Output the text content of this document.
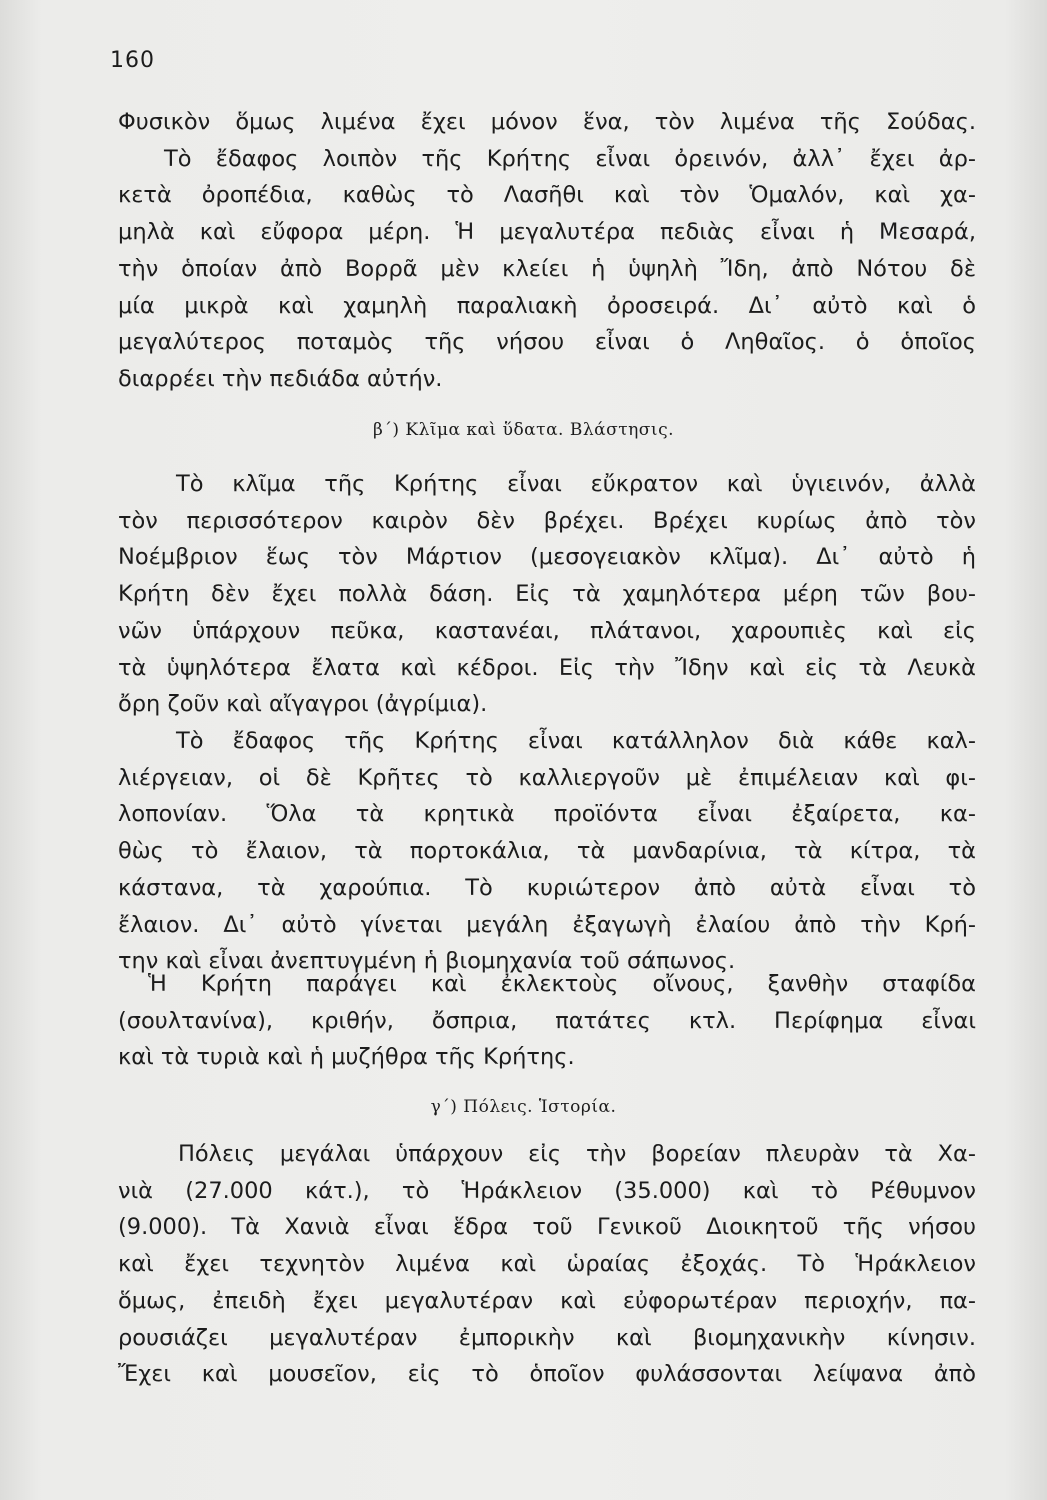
160
Φυσικὸν ὅμως λιμένα ἔχει μόνον ἕνα, τὸν λιμένα τῆς Σούδας.
Τὸ ἔδαφος λοιπὸν τῆς Κρήτης εἶναι ὀρεινόν, ἀλλ᾽ ἔχει ἀρ-
κετὰ ὀροπέδια, καθὼς τὸ Λασῆθι καὶ τὸν Ὁμαλόν, καὶ χα-
μηλὰ καὶ εὔφορα μέρη. Ἡ μεγαλυτέρα πεδιὰς εἶναι ἡ Μεσαρά,
τὴν ὁποίαν ἀπὸ Βορρᾶ μὲν κλείει ἡ ὑψηλὴ Ἴδη, ἀπὸ Νότου δὲ
μία μικρὰ καὶ χαμηλὴ παραλιακὴ ὀροσειρά. Δι᾽ αὐτὸ καὶ ὁ
μεγαλύτερος ποταμὸς τῆς νήσου εἶναι ὁ Ληθαῖος. ὁ ὁποῖος
διαρρέει τὴν πεδιάδα αὐτήν.
β΄) Κλῖμα καὶ ὕδατα. Βλάστησις.
Τὸ κλῖμα τῆς Κρήτης εἶναι εὔκρατον καὶ ὑγιεινόν, ἀλλὰ
τὸν περισσότερον καιρὸν δὲν βρέχει. Βρέχει κυρίως ἀπὸ τὸν
Νοέμβριον ἕως τὸν Μάρτιον (μεσογειακὸν κλῖμα). Δι᾽ αὐτὸ ἡ
Κρήτη δὲν ἔχει πολλὰ δάση. Εἰς τὰ χαμηλότερα μέρη τῶν βου-
νῶν ὑπάρχουν πεῦκα, καστανέαι, πλάτανοι, χαρουπιὲς καὶ εἰς
τὰ ὑψηλότερα ἔλατα καὶ κέδροι. Εἰς τὴν Ἴδην καὶ εἰς τὰ Λευκὰ
ὄρη ζοῦν καὶ αἴγαγροι (ἀγρίμια).
Τὸ ἔδαφος τῆς Κρήτης εἶναι κατάλληλον διὰ κάθε καλ-
λιέργειαν, οἱ δὲ Κρῆτες τὸ καλλιεργοῦν μὲ ἐπιμέλειαν καὶ φι-
λοπονίαν. Ὅλα τὰ κρητικὰ προϊόντα εἶναι ἐξαίρετα, κα-
θὼς τὸ ἔλαιον, τὰ πορτοκάλια, τὰ μανδαρίνια, τὰ κίτρα, τὰ
κάστανα, τὰ χαρούπια. Τὸ κυριώτερον ἀπὸ αὐτὰ εἶναι τὸ
ἔλαιον. Δι᾽ αὐτὸ γίνεται μεγάλη ἐξαγωγὴ ἐλαίου ἀπὸ τὴν Κρή-
την καὶ εἶναι ἀνεπτυγμένη ἡ βιομηχανία τοῦ σάπωνος.
Ἡ Κρήτη παράγει καὶ ἐκλεκτοὺς οἴνους, ξανθὴν σταφίδα
(σουλτανίνα), κριθήν, ὄσπρια, πατάτες κτλ. Περίφημα εἶναι
καὶ τὰ τυριὰ καὶ ἡ μυζήθρα τῆς Κρήτης.
γ΄) Πόλεις. Ἱστορία.
Πόλεις μεγάλαι ὑπάρχουν εἰς τὴν βορείαν πλευρὰν τὰ Χα-
νιὰ (27.000 κάτ.), τὸ Ἡράκλειον (35.000) καὶ τὸ Ρέθυμνον
(9.000). Τὰ Χανιὰ εἶναι ἕδρα τοῦ Γενικοῦ Διοικητοῦ τῆς νήσου
καὶ ἔχει τεχνητὸν λιμένα καὶ ὡραίας ἐξοχάς. Τὸ Ἡράκλειον
ὅμως, ἐπειδὴ ἔχει μεγαλυτέραν καὶ εὐφορωτέραν περιοχήν, πα-
ρουσιάζει μεγαλυτέραν ἐμπορικὴν καὶ βιομηχανικὴν κίνησιν.
Ἔχει καὶ μουσεῖον, εἰς τὸ ὁποῖον φυλάσσονται λείψανα ἀπὸ
